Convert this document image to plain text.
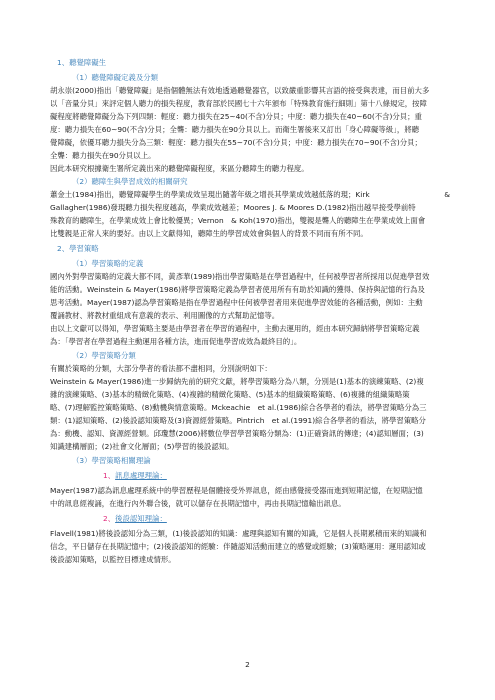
1、聽覺障礙生
（1）聽覺障礙定義及分類
胡永崇(2000)指出「聽覺障礙」是指個體無法有效地透過聽覺器官，以致嚴重影響其言語的接受與表達，而目前大多
以「音量分貝」來評定個人聽力的損失程度，教育部於民國七十六年頒布「特殊教育施行細則」第十八條規定，按障
礙程度將聽覺障礙分為下列四類：輕度：聽力損失在25~40(不含)分貝；中度：聽力損失在40~60(不含)分貝；重
度：聽力損失在60~90(不含)分貝；全聾：聽力損失在90分貝以上。而衛生署後來又訂出「身心障礙等級」，將聽
覺障礙，依優耳聽力損失分為三類：輕度：聽力損失在55~70(不含)分貝；中度：聽力損失在70~90(不含)分貝；
全聾：聽力損失在90分貝以上。
因此本研究根據衛生署所定義出來的聽覺障礙程度，來區分聽障生的聽力程度。
（2）聽障生與學習成效的相關研究
蕭金土(1984)指出，聽覺障礙學生的學業成效呈現出隨著年級之增長其學業成效越低落的現；Kirk	&
Gallagher(1986)發現聽力損失程度越高，學業成效越差；Moores J. & Moores D.(1982)指出越早接受學前特
殊教育的聽障生，在學業成效上會比較優異；Vernon　& Koh(1970)指出，雙親是聾人的聽障生在學業成效上面會
比雙親是正常人來的要好。由以上文獻得知，聽障生的學習成效會與個人的背景不同而有所不同。
2、學習策略
（1）學習策略的定義
國內外對學習策略的定義大都不同，黃彥華(1989)指出學習策略是在學習過程中，任何被學習者所採用以促進學習效
能的活動。Weinstein & Mayer(1986)將學習策略定義為學習者使用所有有助於知識的獲得、保持與記憶的行為及
思考活動。Mayer(1987)認為學習策略是指在學習過程中任何被學習者用來促進學習效能的各種活動，例如：主動
覆誦教材、將教材重組成有意義的表示、利用圖像的方式幫助記憶等。
由以上文獻可以得知，學習策略主要是由學習者在學習的過程中，主動去運用的，經由本研究歸納將學習策略定義
為：「學習者在學習過程主動運用各種方法，進而促進學習成效為最終目的」。
（2）學習策略分類
有關於策略的分類，大部分學者的看法都不盡相同，分別說明如下：
Weinstein & Mayer(1986)進一步歸納先前的研究文獻，將學習策略分為八類，分別是(1)基本的演練策略、(2)複
雜的演練策略、(3)基本的精緻化策略、(4)複雜的精緻化策略、(5)基本的組織策略策略、(6)複雜的組織策略策
略、(7)理解監控策略策略、(8)動機與情意策略。Mckeachie　et al.(1986)綜合各學者的看法，將學習策略分為三
類：(1)認知策略、(2)後設認知策略及(3)資源經營策略。Pintrich　et al.(1991)綜合各學者的看法，將學習策略分
為：動機、認知、資源經營類。邱瓊慧(2006)將數位學習學習策略分類為：(1)正確資訊的傳達；(4)認知層面；(3)
知識建構層面；(2)社會文化層面；(5)學習的後設認知。
（3）學習策略相關理論
1、訊息處理理論：
Mayer(1987)認為訊息處理系統中的學習歷程是個體接受外界訊息，經由感覺接受器而進到短期記憶，在短期記憶
中的訊息經複誦，在進行內外聯合後，就可以儲存在長期記憶中，再由長期記憶輸出訊息。
2、後設認知理論：
Flavell(1981)將後設認知分為三類，(1)後設認知的知識：處理與認知有關的知識，它是個人長期累積而來的知識和
信念，平日儲存在長期記憶中；(2)後設認知的經驗：伴隨認知活動而建立的感覺或經驗；(3)策略運用：運用認知或
後設認知策略，以監控目標達成情形。
2
